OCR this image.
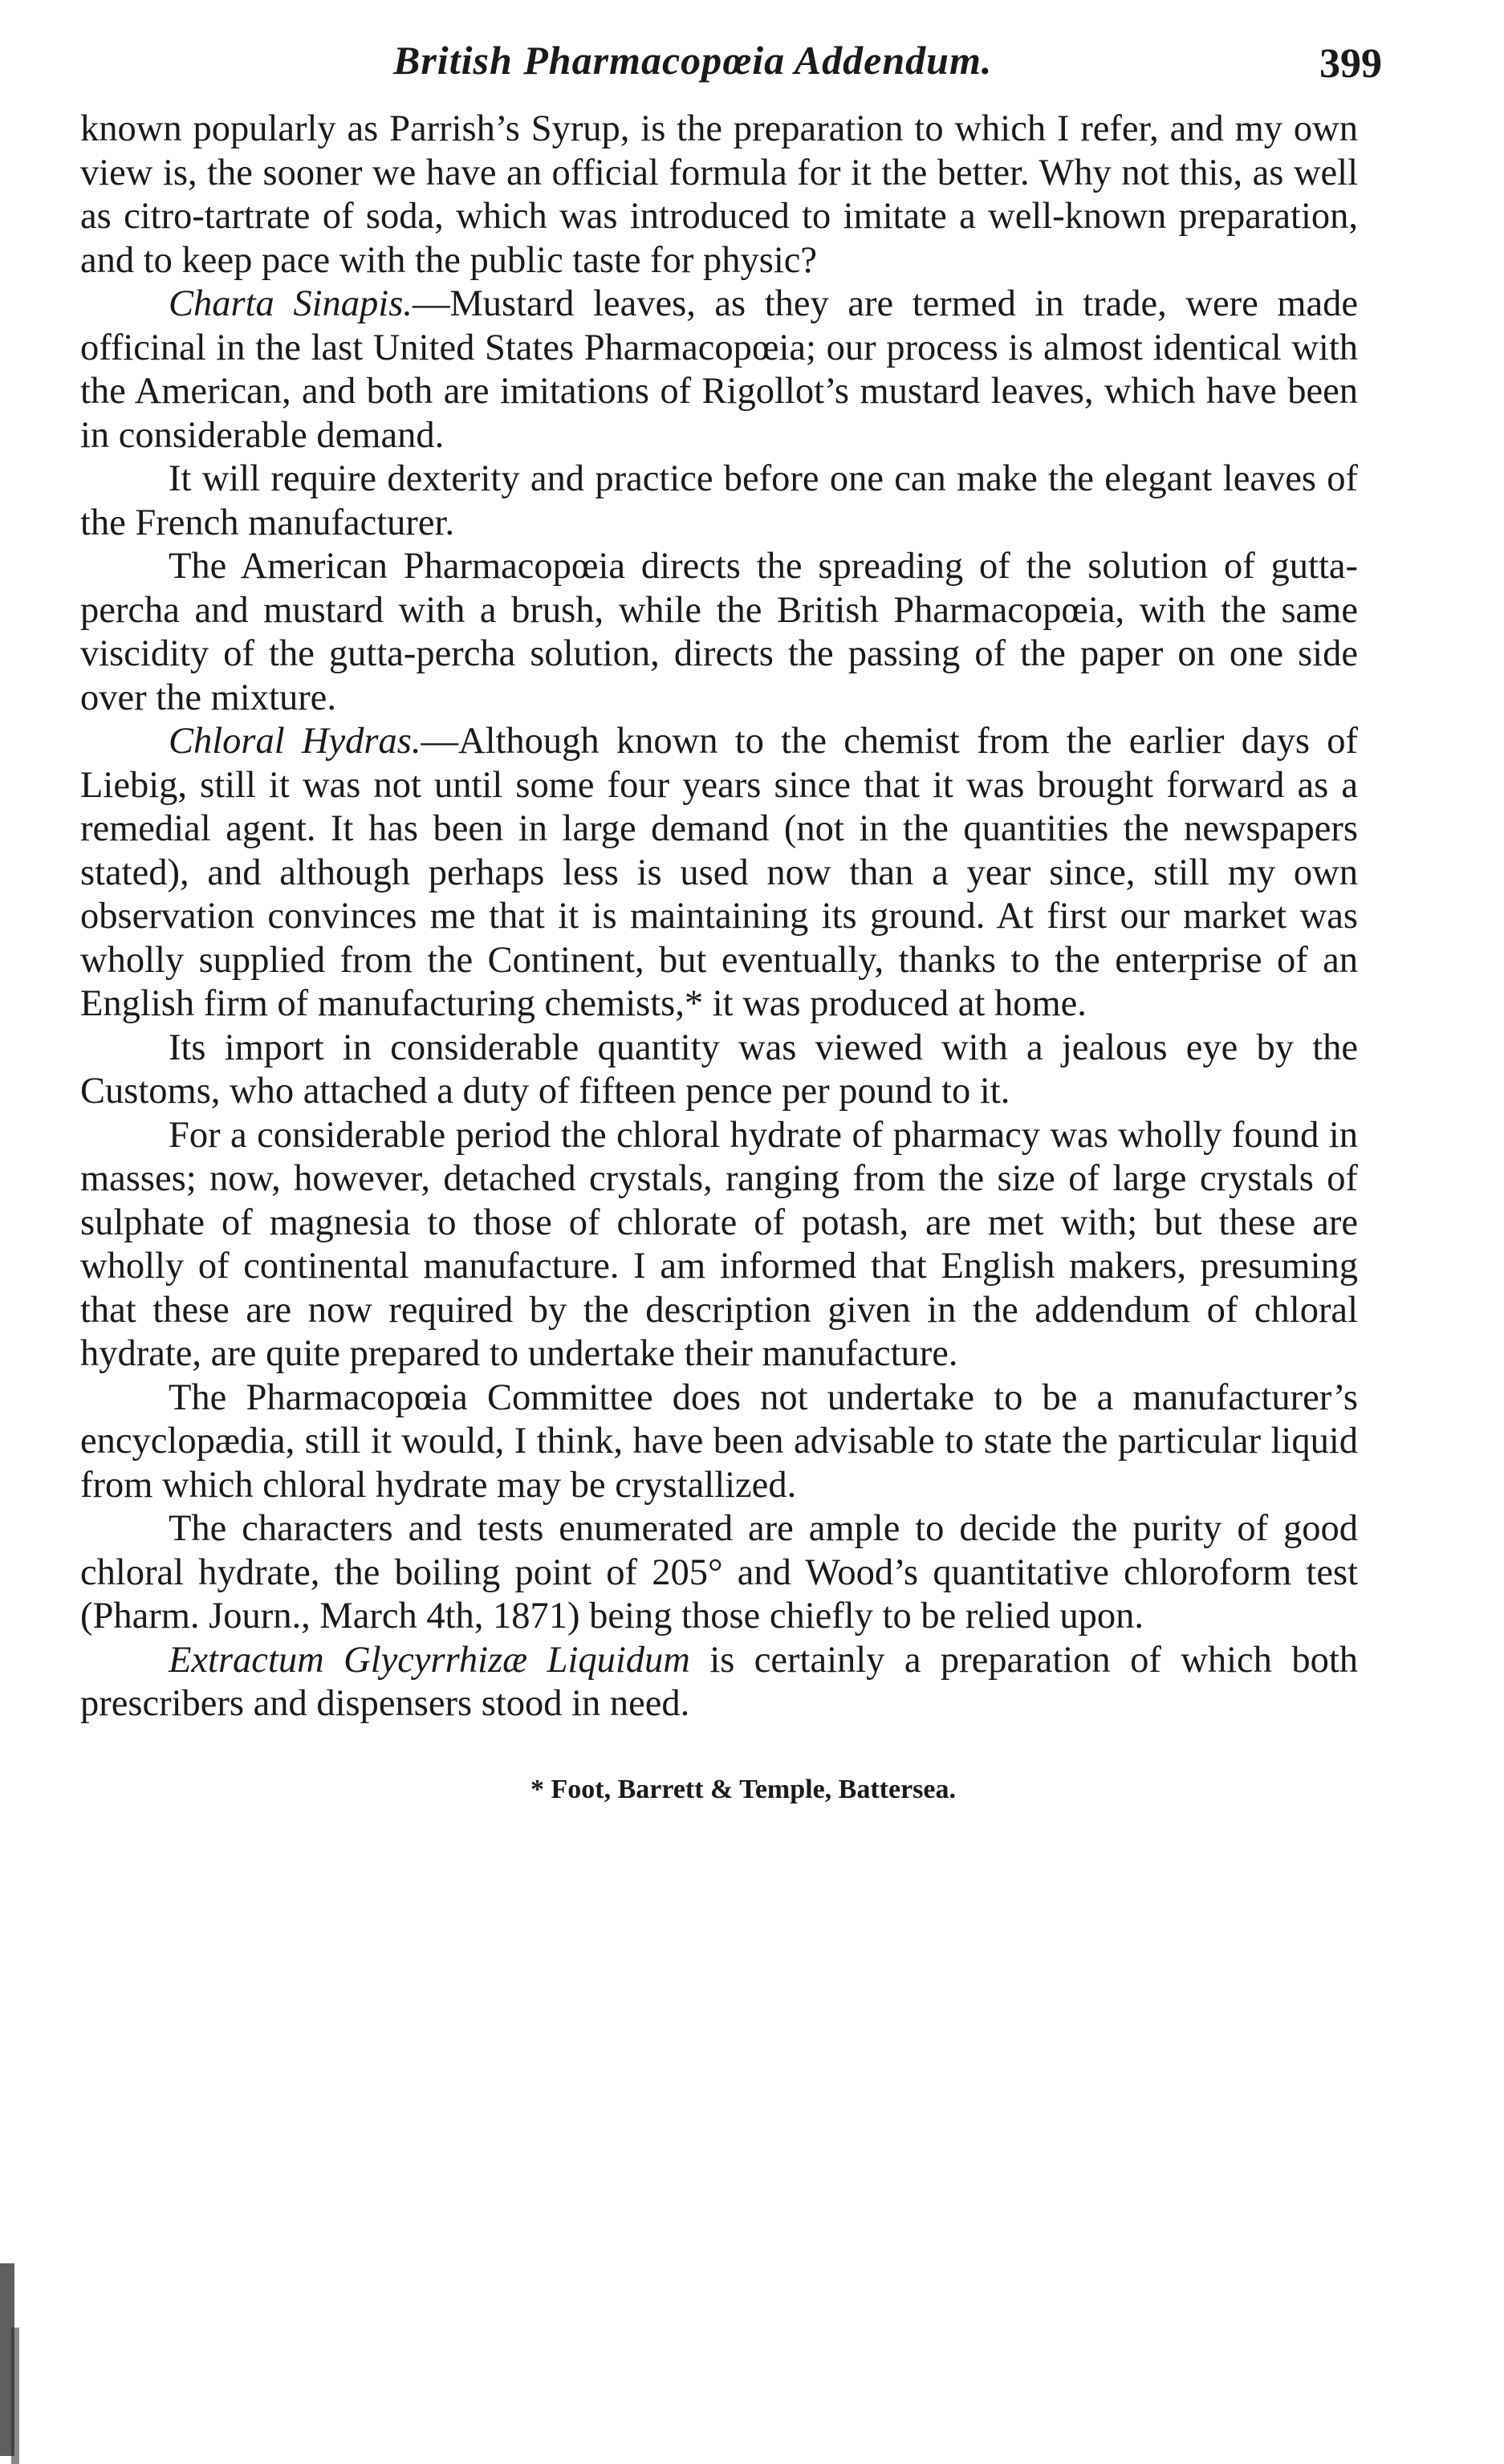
British Pharmacopœia Addendum.	399

known popularly as Parrish’s Syrup, is the preparation to which I refer, and my own view is, the sooner we have an official formula for it the better. Why not this, as well as citro-tartrate of soda, which was introduced to imitate a well-known preparation, and to keep pace with the public taste for physic?

Charta Sinapis.—Mustard leaves, as they are termed in trade, were made officinal in the last United States Pharmacopœia; our process is almost identical with the American, and both are imitations of Rigollot’s mustard leaves, which have been in considerable demand.

It will require dexterity and practice before one can make the elegant leaves of the French manufacturer.

The American Pharmacopœia directs the spreading of the solution of gutta-percha and mustard with a brush, while the British Pharmacopœia, with the same viscidity of the gutta-percha solution, directs the passing of the paper on one side over the mixture.

Chloral Hydras.—Although known to the chemist from the earlier days of Liebig, still it was not until some four years since that it was brought forward as a remedial agent. It has been in large demand (not in the quantities the newspapers stated), and although perhaps less is used now than a year since, still my own observation convinces me that it is maintaining its ground. At first our market was wholly supplied from the Continent, but eventually, thanks to the enterprise of an English firm of manufacturing chemists,* it was produced at home.

Its import in considerable quantity was viewed with a jealous eye by the Customs, who attached a duty of fifteen pence per pound to it.

For a considerable period the chloral hydrate of pharmacy was wholly found in masses; now, however, detached crystals, ranging from the size of large crystals of sulphate of magnesia to those of chlorate of potash, are met with; but these are wholly of continental manufacture. I am informed that English makers, presuming that these are now required by the description given in the addendum of chloral hydrate, are quite prepared to undertake their manufacture.

The Pharmacopœia Committee does not undertake to be a manufacturer’s encyclopædia, still it would, I think, have been advisable to state the particular liquid from which chloral hydrate may be crystallized.

The characters and tests enumerated are ample to decide the purity of good chloral hydrate, the boiling point of 205° and Wood’s quantitative chloroform test (Pharm. Journ., March 4th, 1871) being those chiefly to be relied upon.

Extractum Glycyrrhizæ Liquidum is certainly a preparation of which both prescribers and dispensers stood in need.

* Foot, Barrett & Temple, Battersea.
